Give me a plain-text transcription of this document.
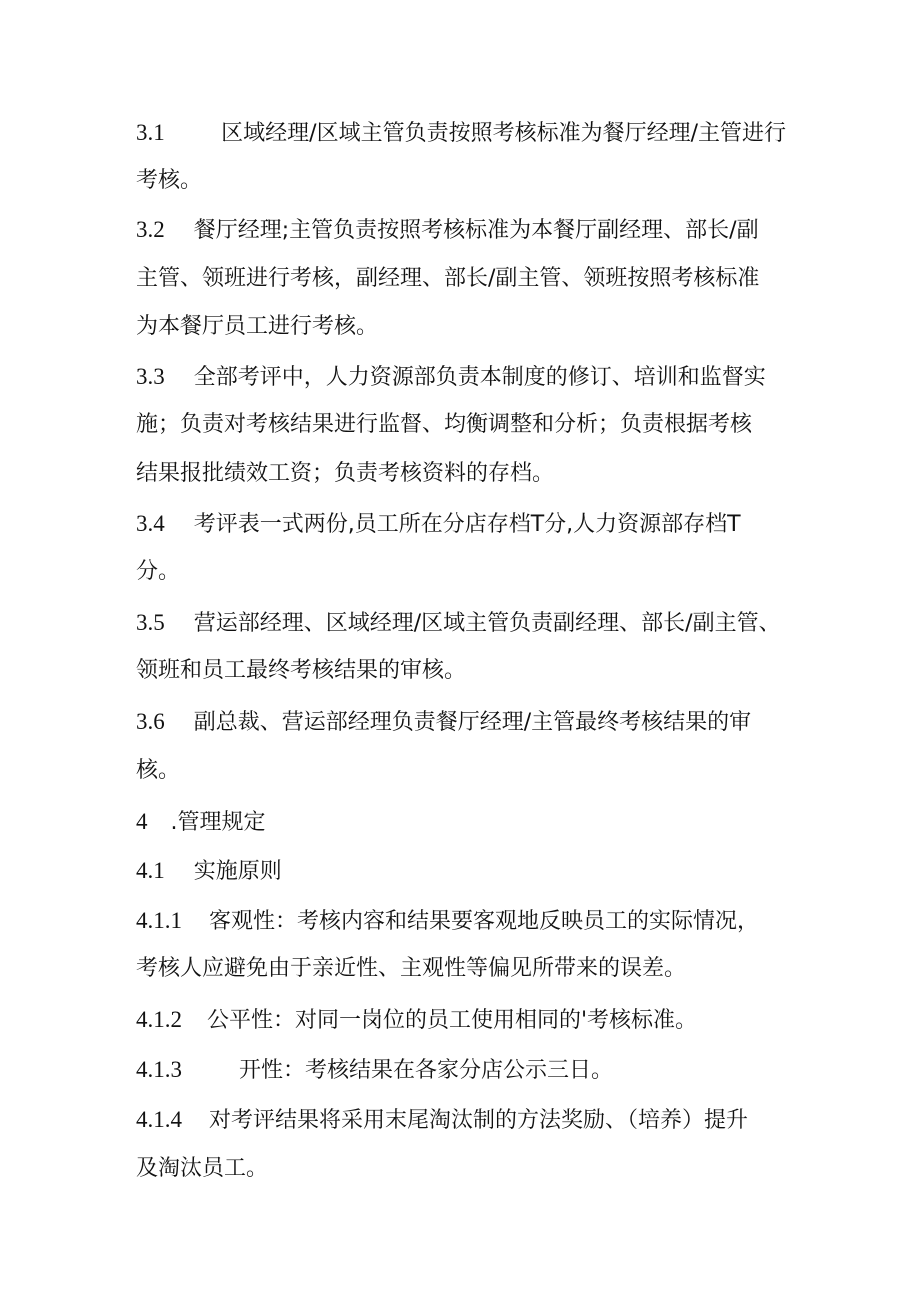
3.1	区域经理/区域主管负责按照考核标准为餐厅经理/主管进行
考核。
3.2 餐厅经理;主管负责按照考核标准为本餐厅副经理、部长/副
主管、领班进行考核，副经理、部长/副主管、领班按照考核标准
为本餐厅员工进行考核。
3.3 全部考评中，人力资源部负责本制度的修订、培训和监督实
施；负责对考核结果进行监督、均衡调整和分析；负责根据考核
结果报批绩效工资；负责考核资料的存档。
3.4 考评表一式两份,员工所在分店存档T分,人力资源部存档T
分。
3.5 营运部经理、区域经理/区域主管负责副经理、部长/副主管、
领班和员工最终考核结果的审核。
3.6 副总裁、营运部经理负责餐厅经理/主管最终考核结果的审
核。
4 .管理规定
4.1 实施原则
4.1.1 客观性：考核内容和结果要客观地反映员工的实际情况，
考核人应避免由于亲近性、主观性等偏见所带来的误差。
4.1.2 公平性：对同一岗位的员工使用相同的'考核标准。
4.1.3	开性：考核结果在各家分店公示三日。
4.1.4 对考评结果将采用末尾淘汰制的方法奖励、（培养）提升
及淘汰员工。
